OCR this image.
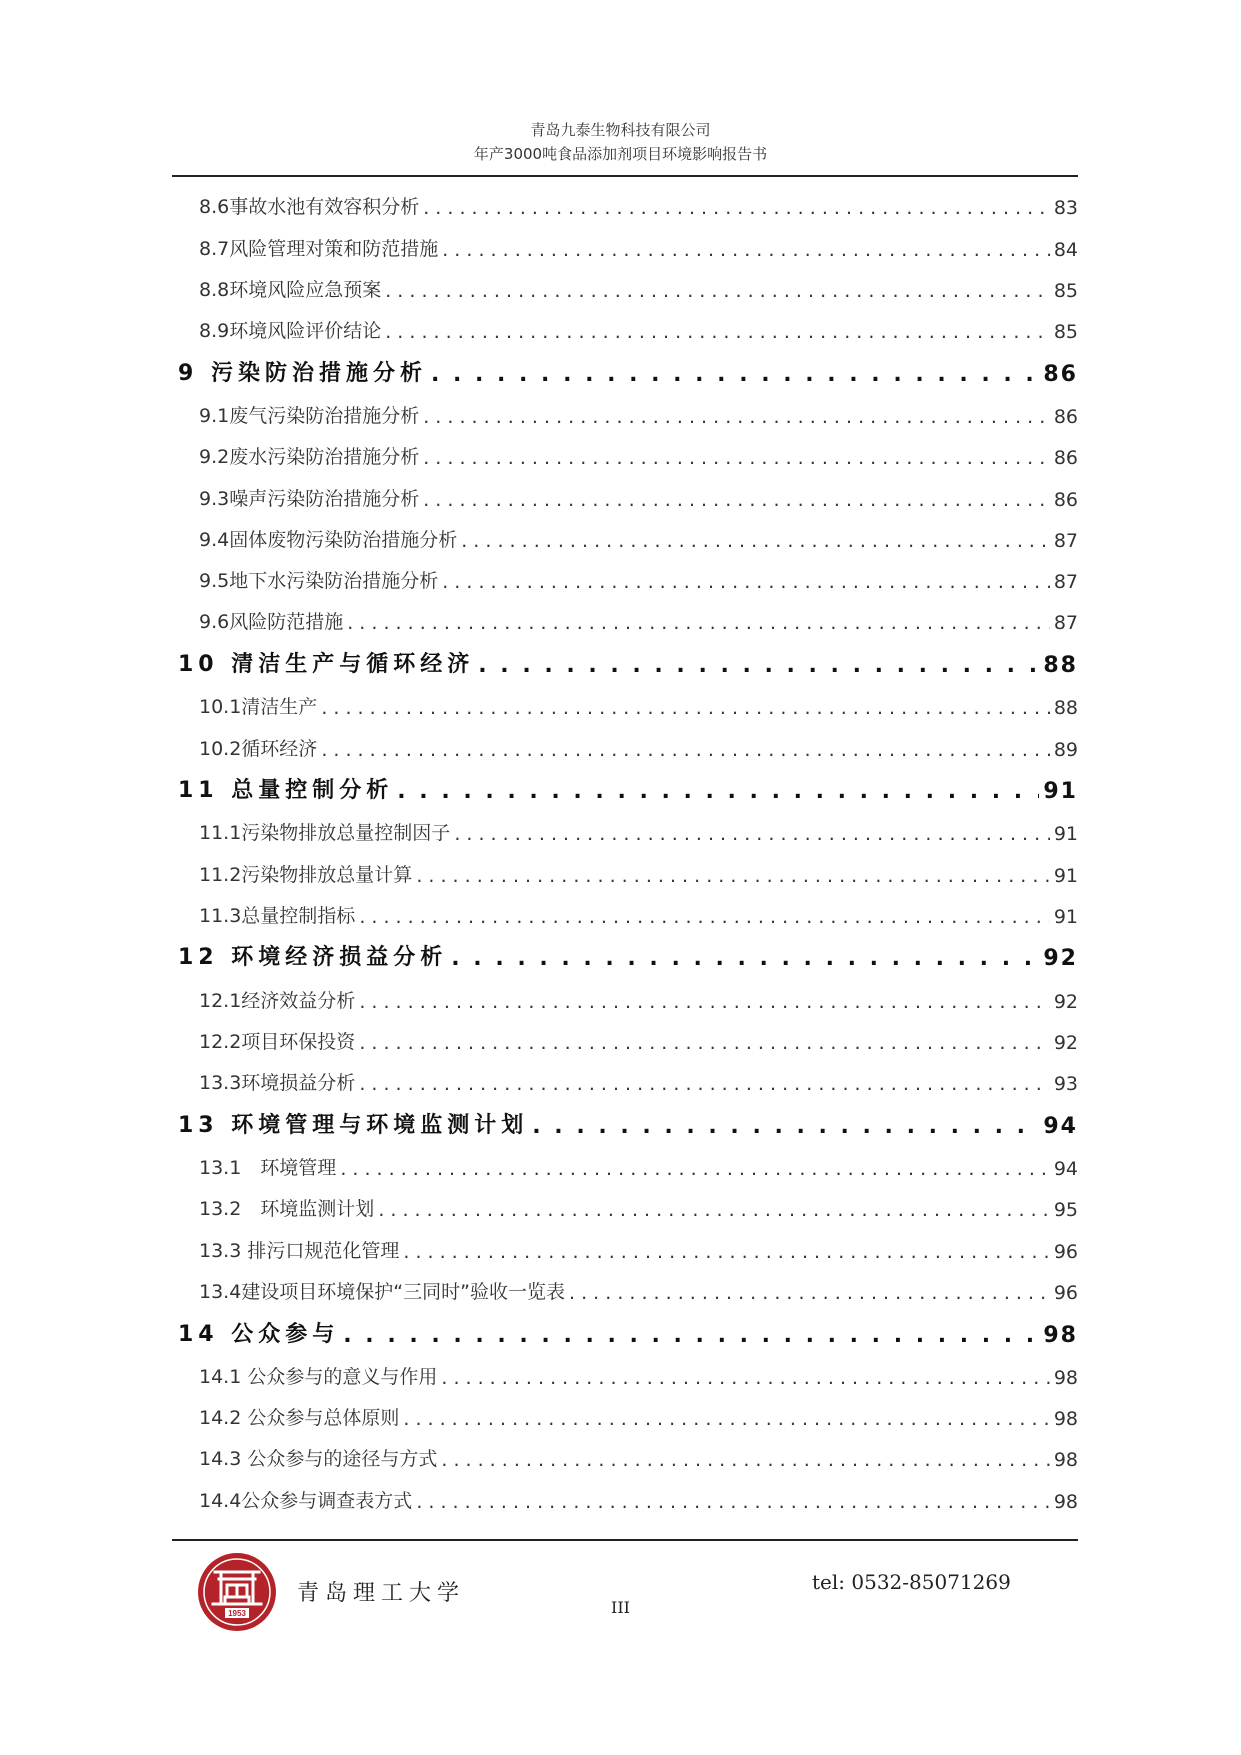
青岛九泰生物科技有限公司
年产3000吨食品添加剂项目环境影响报告书
8.6事故水池有效容积分析 . . .	83
8.7风险管理对策和防范措施 . . .	84
8.8环境风险应急预案 . . .	85
8.9环境风险评价结论 . . .	85
9 污染防治措施分析 . . .	86
9.1废气污染防治措施分析 . . .	86
9.2废水污染防治措施分析 . . .	86
9.3噪声污染防治措施分析 . . .	86
9.4固体废物污染防治措施分析 . . .	87
9.5地下水污染防治措施分析 . . .	87
9.6风险防范措施 . . .	87
10 清洁生产与循环经济 . . .	88
10.1清洁生产 . . .	88
10.2循环经济 . . .	89
11 总量控制分析 . . .	91
11.1污染物排放总量控制因子 . . .	91
11.2污染物排放总量计算 . . .	91
11.3总量控制指标 . . .	91
12 环境经济损益分析 . . .	92
12.1经济效益分析 . . .	92
12.2项目环保投资 . . .	92
13.3环境损益分析 . . .	93
13 环境管理与环境监测计划 . . .	94
13.1　环境管理 . . .	94
13.2　环境监测计划 . . .	95
13.3 排污口规范化管理 . . .	96
13.4建设项目环境保护“三同时”验收一览表 . . .	96
14 公众参与 . . .	98
14.1 公众参与的意义与作用 . . .	98
14.2 公众参与总体原则 . . .	98
14.3 公众参与的途径与方式 . . .	98
14.4公众参与调查表方式 . . .	98
1953
青岛理工大学	tel: 0532-85071269
III
